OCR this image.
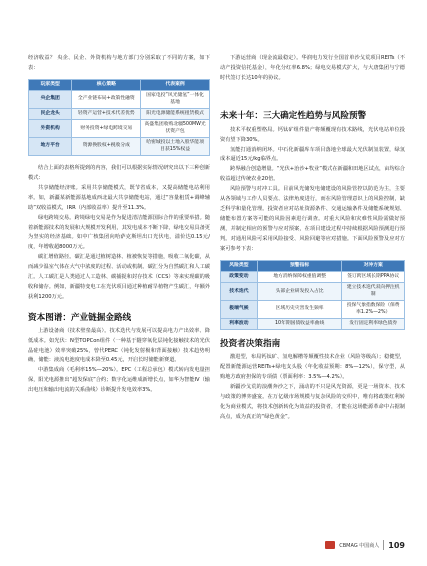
经济收益？ 央企、民企、外资机构与地方部门分别采取了不同的方案，如下表：

玩家类型	核心策略	代表案例
央企集团	全产业链布局+政策性融资	国家电投“风光储氢”一体化基地
民企龙头	轻资产运营+技术代差优势	阳光电源储能系统租赁模式
外资机构	财务投资+绿电跨境交易	高盛集团收购北疆500MW光伏资产包
地方平台	资源换股权+税收分成	哈密城投以土地入股华能项目获15%权益

结合上面的表格所提到的内容，我们可以根据实际情况研究出以下三种创新模式：

共享储能经济账。采用共享储能模式，既节省成本，又提高储能电站利用率。如，新疆某新能源基地成西北最大共享储能电站，通过“容量租赁+调峰辅助”双收益模式，IRR（内部收益率）提升至11.3%。

绿电跨境交易。跨境绿电交易是作为促进清洁能源国际合作的重要举措。随着新能源技术的发展和大规模开发利用，其发电成本不断下降，绿电交易具备更为坚实的经济基础。如中广核集团向哈萨克斯坦出口光伏电，溢价达0.15元/度，年增收超8000万元。

碳汇增值路径。碳汇是通过植树造林、植被恢复等措施，吸收二氧化碳，从而减少温室气体在大气中浓度的过程、活动或机制。碳汇分为自然碳汇和人工碳汇。人工碳汇是人类通过人工造林、碳捕捉和封存技术（CCS）等来实现碳的吸收和储存。例如，新疆特变电工在光伏项目通过种植耐旱植物产生碳汇，年额外获利1200万元。

资本图谱：产业链掘金路线

上游设备商（技术壁垒最高）。技术迭代与发展可以提高电力产出效率、降低成本。如光伏：N型TOPCon组件（一种基于隧穿氧化层钝化接触技术的光伏晶硅电池）效率突破25%，曾代PERC（钝化发射极和背面接触）技术趋势明确，储能：液流电池度电成本降至0.45元，开启长时储能新赛道。

中游集成商（毛利率15%—20%）。EPC（工程总承包）模式转向发电量担保，阳光电源推出“超发保底”合约；数字化运维成新增长点，如华为智能IV（输出电压和输出电流的关系曲线）诊断提升发电效率3%。

下游运营商（现金流最稳定）。华润电力发行全国首单沙戈荒项目REITs（不动产投资信托基金），年化分红率6.8%；绿电交易模式扩大，与大唐集团与宁德时代签订长达10年的协议。

未来十年：三大确定性趋势与风险预警

技术平权重塑格局。钙钛矿组件量产将颠覆现有技术路线，光伏电站单位投资有望下降30%。

氢能打通消纳闭环。中石化新疆库车项目落地全球最大光伏制氢装置，绿氢成本逼近15元/kg临界点。

跨界融合创造增量。“光伏+治沙+牧业”模式在新疆和田地区试点，亩均综合收益超过传统农业20倍。

风险预警与对冲工具。目前风光储发电储建设的风险管控以防范为主，主要从各领域与工作人员要点、法律角度进行，而在风险管理意识上的风险控制，缺乏科学和量化管理。投资者应对站址资源条件、交通运输条件及储能系统规划、储能布置方案等可能的风险因素进行调查。对重大风险和灾难性风险需做好预测，并制定相应的预警与应对预案，在项目建设过程中持续根据风险预测进行预判。对通用风险可采用风险接受、风险回避等应对措施。下面风险预警及应对方案可参考下表：

风险类型	预警指标	对冲方案
政策变动	地方消纳保障权重值调整	签订跨区域长期PPA协议
技术迭代	头部企业研发投入占比	建立技术迭代双向押注机制
极端气候	区域历史灾害发生频率	投保气象指数保险（保费率1.2%—2%）
利率波动	10年期国债收益率曲线	发行固定利率绿色债券
投资者决策指南

激进型，布局钙钛矿、氢电解槽等颠覆性技术企业（风险等级高）；稳健型，配置新能源运营REITs+绿电支头股（年化收益预期：8%—12%），保守型，从购地方政府担保的专项债（票面利率：3.5%—4.2%）。

新疆沙戈荒的浪潮奔沙之下，涌动的不只是风光资源，更是一场资本、技术与政策的博弈盛宴。在万亿级市场规模与复杂风险的交织中，唯有将政策红利转化为商业模式，将技术创新转化为效益的投资者，才能在这场能源革命中占据制高点，成为真正的“绿色黄金”。

CBMAG 中国商人 109
